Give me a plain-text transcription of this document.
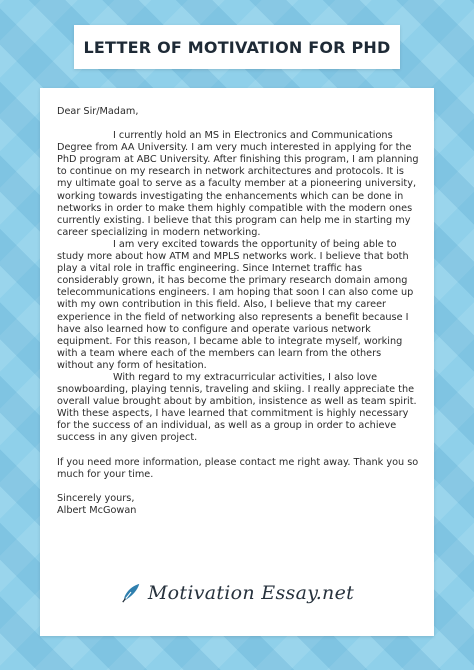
LETTER OF MOTIVATION FOR PHD

Dear Sir/Madam,

I currently hold an MS in Electronics and Communications Degree from AA University. I am very much interested in applying for the PhD program at ABC University. After finishing this program, I am planning to continue on my research in network architectures and protocols. It is my ultimate goal to serve as a faculty member at a pioneering university, working towards investigating the enhancements which can be done in networks in order to make them highly compatible with the modern ones currently existing. I believe that this program can help me in starting my career specializing in modern networking.

I am very excited towards the opportunity of being able to study more about how ATM and MPLS networks work. I believe that both play a vital role in traffic engineering. Since Internet traffic has considerably grown, it has become the primary research domain among telecommunications engineers. I am hoping that soon I can also come up with my own contribution in this field. Also, I believe that my career experience in the field of networking also represents a benefit because I have also learned how to configure and operate various network equipment. For this reason, I became able to integrate myself, working with a team where each of the members can learn from the others without any form of hesitation.

With regard to my extracurricular activities, I also love snowboarding, playing tennis, traveling and skiing. I really appreciate the overall value brought about by ambition, insistence as well as team spirit. With these aspects, I have learned that commitment is highly necessary for the success of an individual, as well as a group in order to achieve success in any given project.

If you need more information, please contact me right away. Thank you so much for your time.

Sincerely yours,

Albert McGowan

Motivation Essay.net
